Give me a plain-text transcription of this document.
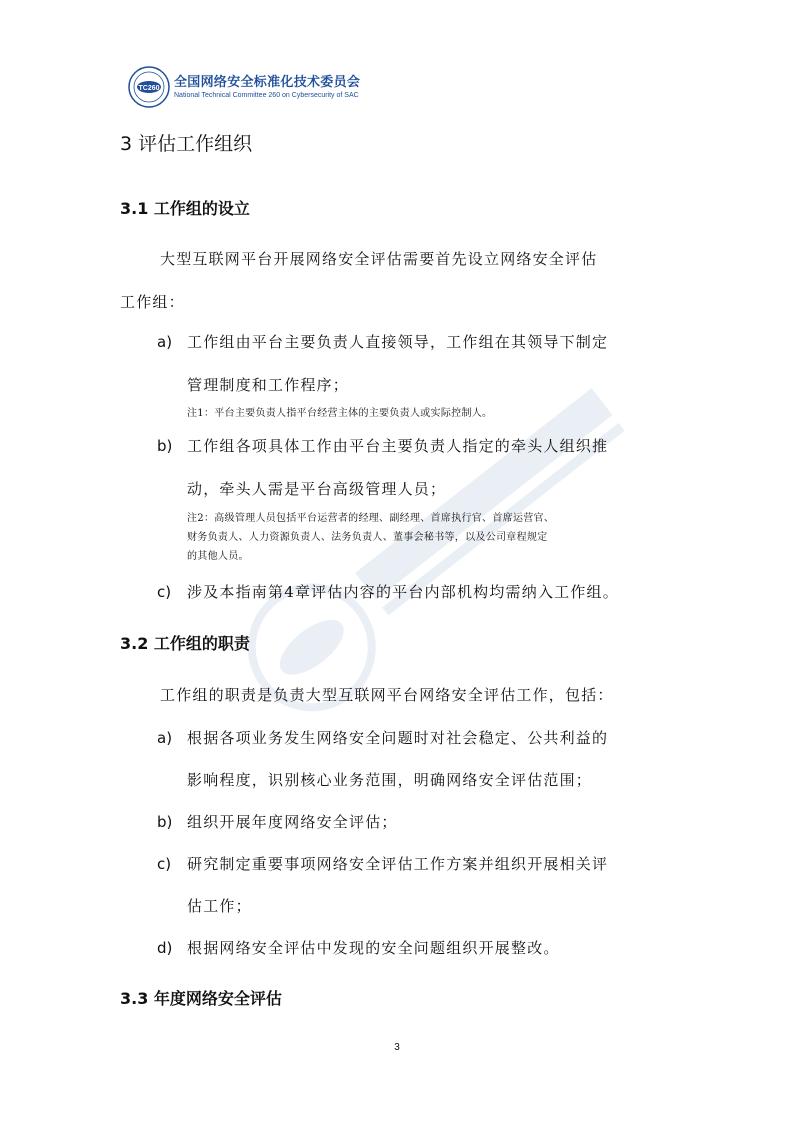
TC260 全国网络安全标准化技术委员会
National Technical Committee 260 on Cybersecurity of SAC
3 评估工作组织
3.1 工作组的设立
大型互联网平台开展网络安全评估需要首先设立网络安全评估
工作组：
a) 工作组由平台主要负责人直接领导，工作组在其领导下制定
管理制度和工作程序；
注1：平台主要负责人指平台经营主体的主要负责人或实际控制人。
b) 工作组各项具体工作由平台主要负责人指定的牵头人组织推
动，牵头人需是平台高级管理人员；
注2：高级管理人员包括平台运营者的经理、副经理、首席执行官、首席运营官、
财务负责人、人力资源负责人、法务负责人、董事会秘书等，以及公司章程规定
的其他人员。
c) 涉及本指南第4章评估内容的平台内部机构均需纳入工作组。
3.2 工作组的职责
工作组的职责是负责大型互联网平台网络安全评估工作，包括：
a) 根据各项业务发生网络安全问题时对社会稳定、公共利益的
影响程度，识别核心业务范围，明确网络安全评估范围；
b) 组织开展年度网络安全评估；
c) 研究制定重要事项网络安全评估工作方案并组织开展相关评
估工作；
d) 根据网络安全评估中发现的安全问题组织开展整改。
3.3 年度网络安全评估
3
